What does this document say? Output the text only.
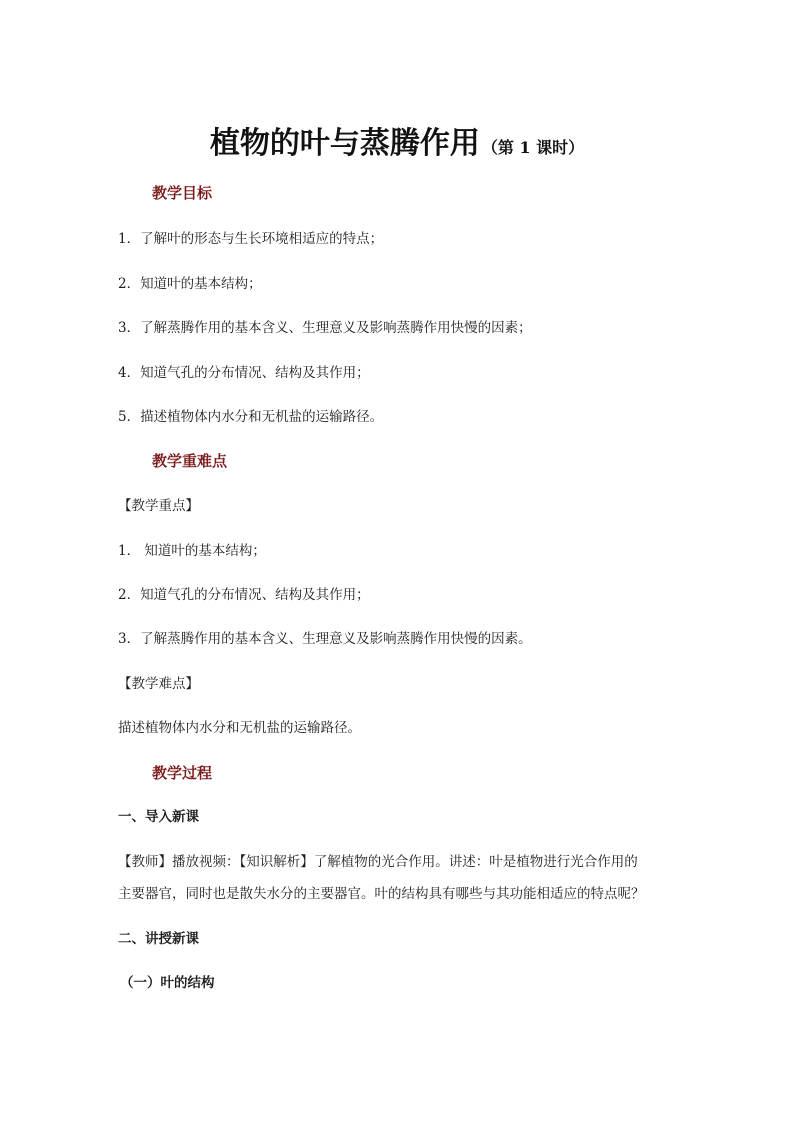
植物的叶与蒸腾作用 （第 1 课时）
教学目标
1．了解叶的形态与生长环境相适应的特点；
2．知道叶的基本结构；
3．了解蒸腾作用的基本含义、生理意义及影响蒸腾作用快慢的因素；
4．知道气孔的分布情况、结构及其作用；
5．描述植物体内水分和无机盐的运输路径。
教学重难点
【教学重点】
1． 知道叶的基本结构；
2．知道气孔的分布情况、结构及其作用；
3．了解蒸腾作用的基本含义、生理意义及影响蒸腾作用快慢的因素。
【教学难点】
描述植物体内水分和无机盐的运输路径。
教学过程
一、导入新课
【教师】播放视频：【知识解析】了解植物的光合作用。讲述：叶是植物进行光合作用的
主要器官，同时也是散失水分的主要器官。叶的结构具有哪些与其功能相适应的特点呢？
二、讲授新课
（一）叶的结构
